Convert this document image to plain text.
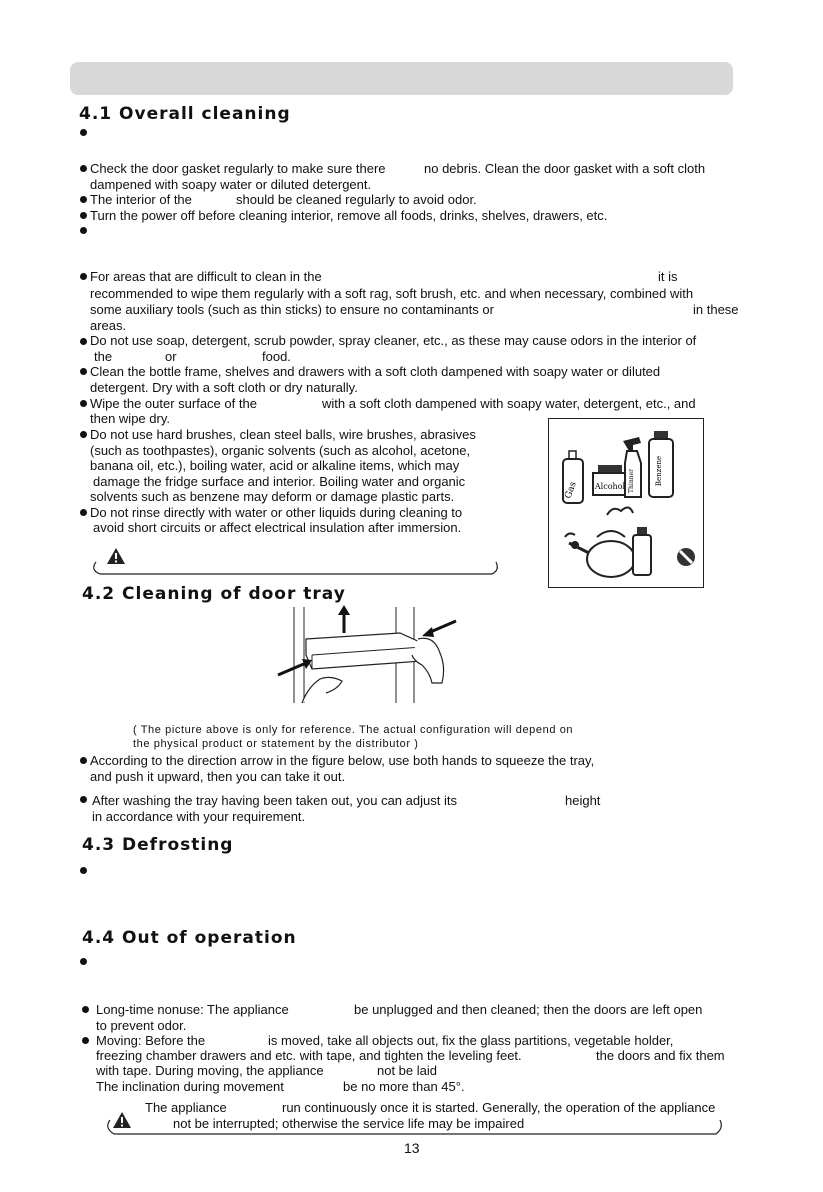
4.1 Overall cleaning
Check the door gasket regularly to make sure there	no debris. Clean the door gasket with a soft cloth
dampened with soapy water or diluted detergent.
The interior of the	should be cleaned regularly to avoid odor.
Turn the power off before cleaning interior, remove all foods, drinks, shelves, drawers, etc.
For areas that are difficult to clean in the	it is
recommended to wipe them regularly with a soft rag, soft brush, etc. and when necessary, combined with
some auxiliary tools (such as thin sticks) to ensure no contaminants or	in these
areas.
Do not use soap, detergent, scrub powder, spray cleaner, etc., as these may cause odors in the interior of
the	or	food.
Clean the bottle frame, shelves and drawers with a soft cloth dampened with soapy water or diluted
detergent. Dry with a soft cloth or dry naturally.
Wipe the outer surface of the	with a soft cloth dampened with soapy water, detergent, etc., and
then wipe dry.
Do not use hard brushes, clean steel balls, wire brushes, abrasives
(such as toothpastes), organic solvents (such as alcohol, acetone,
banana oil, etc.), boiling water, acid or alkaline items, which may
damage the fridge surface and interior. Boiling water and organic
solvents such as benzene may deform or damage plastic parts.
Do not rinse directly with water or other liquids during cleaning to
avoid short circuits or affect electrical insulation after immersion.
Gas Alcohol Thinner	Benzene
4.2 Cleaning of door tray
( The picture above is only for reference. The actual configuration will depend on
the physical product or statement by the distributor )
According to the direction arrow in the figure below, use both hands to squeeze the tray,
and push it upward, then you can take it out.
After washing the tray having been taken out, you can adjust its	height
in accordance with your requirement.
4.3 Defrosting
4.4 Out of operation
Long-time nonuse: The appliance	be unplugged and then cleaned; then the doors are left open
to prevent odor.
Moving: Before the	is moved, take all objects out, fix the glass partitions, vegetable holder,
freezing chamber drawers and etc. with tape, and tighten the leveling feet.	the doors and fix them
with tape. During moving, the appliance	not be laid
The inclination during movement	be no more than 45°.
The appliance	run continuously once it is started. Generally, the operation of the appliance
not be interrupted; otherwise the service life may be impaired
13
